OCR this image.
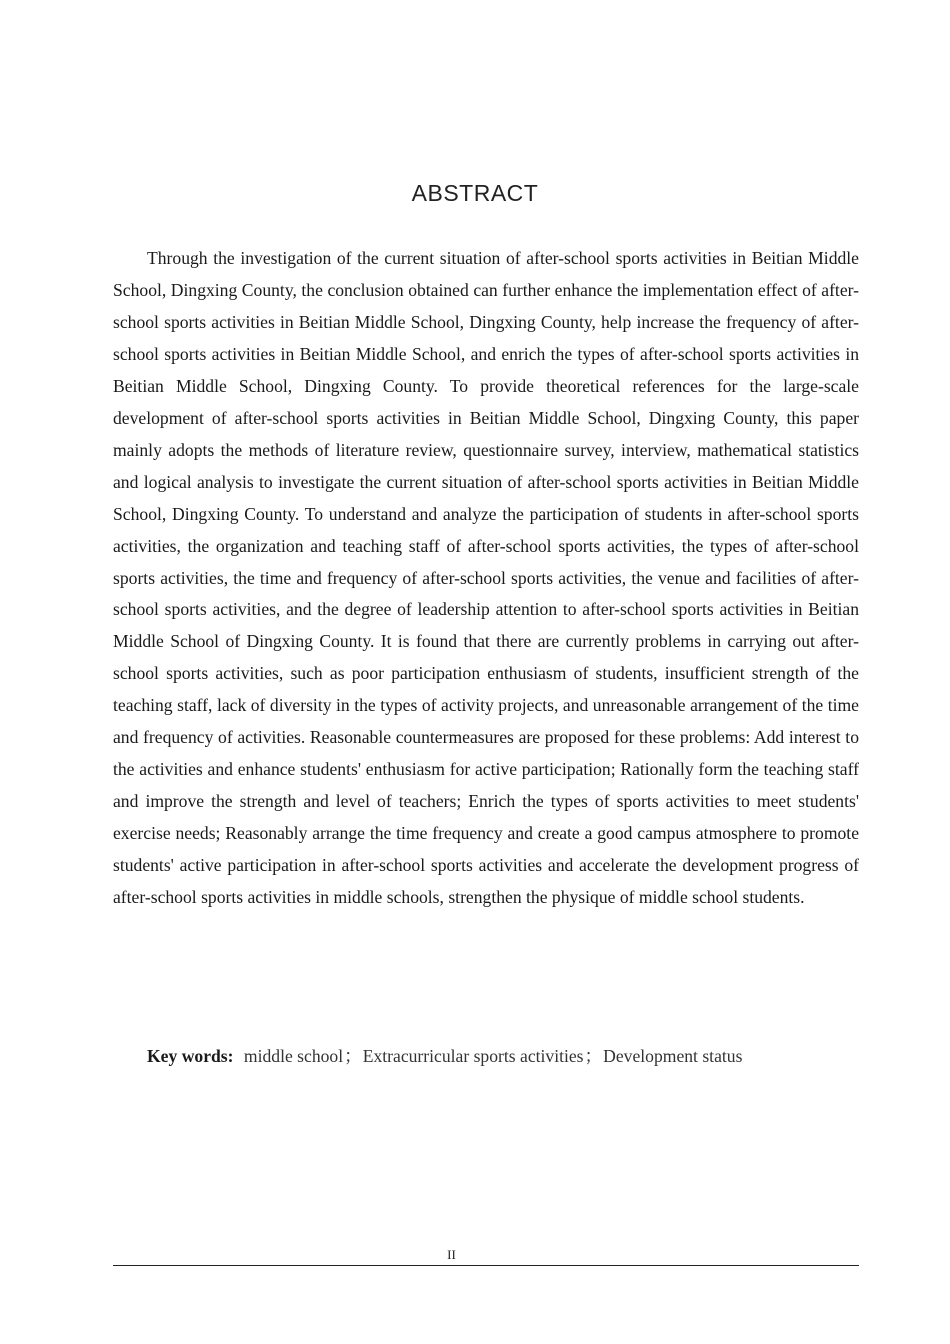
ABSTRACT

Through the investigation of the current situation of after-school sports activities in Beitian Middle School, Dingxing County, the conclusion obtained can further enhance the implementation effect of after-school sports activities in Beitian Middle School, Dingxing County, help increase the frequency of after-school sports activities in Beitian Middle School, and enrich the types of after-school sports activities in Beitian Middle School, Dingxing County. To provide theoretical references for the large-scale development of after-school sports activities in Beitian Middle School, Dingxing County, this paper mainly adopts the methods of literature review, questionnaire survey, interview, mathematical statistics and logical analysis to investigate the current situation of after-school sports activities in Beitian Middle School, Dingxing County. To understand and analyze the participation of students in after-school sports activities, the organization and teaching staff of after-school sports activities, the types of after-school sports activities, the time and frequency of after-school sports activities, the venue and facilities of after-school sports activities, and the degree of leadership attention to after-school sports activities in Beitian Middle School of Dingxing County. It is found that there are currently problems in carrying out after-school sports activities, such as poor participation enthusiasm of students, insufficient strength of the teaching staff, lack of diversity in the types of activity projects, and unreasonable arrangement of the time and frequency of activities. Reasonable countermeasures are proposed for these problems: Add interest to the activities and enhance students' enthusiasm for active participation; Rationally form the teaching staff and improve the strength and level of teachers; Enrich the types of sports activities to meet students' exercise needs; Reasonably arrange the time frequency and create a good campus atmosphere to promote students' active participation in after-school sports activities and accelerate the development progress of after-school sports activities in middle schools, strengthen the physique of middle school students.

Key words: middle school；Extracurricular sports activities；Development status

II
